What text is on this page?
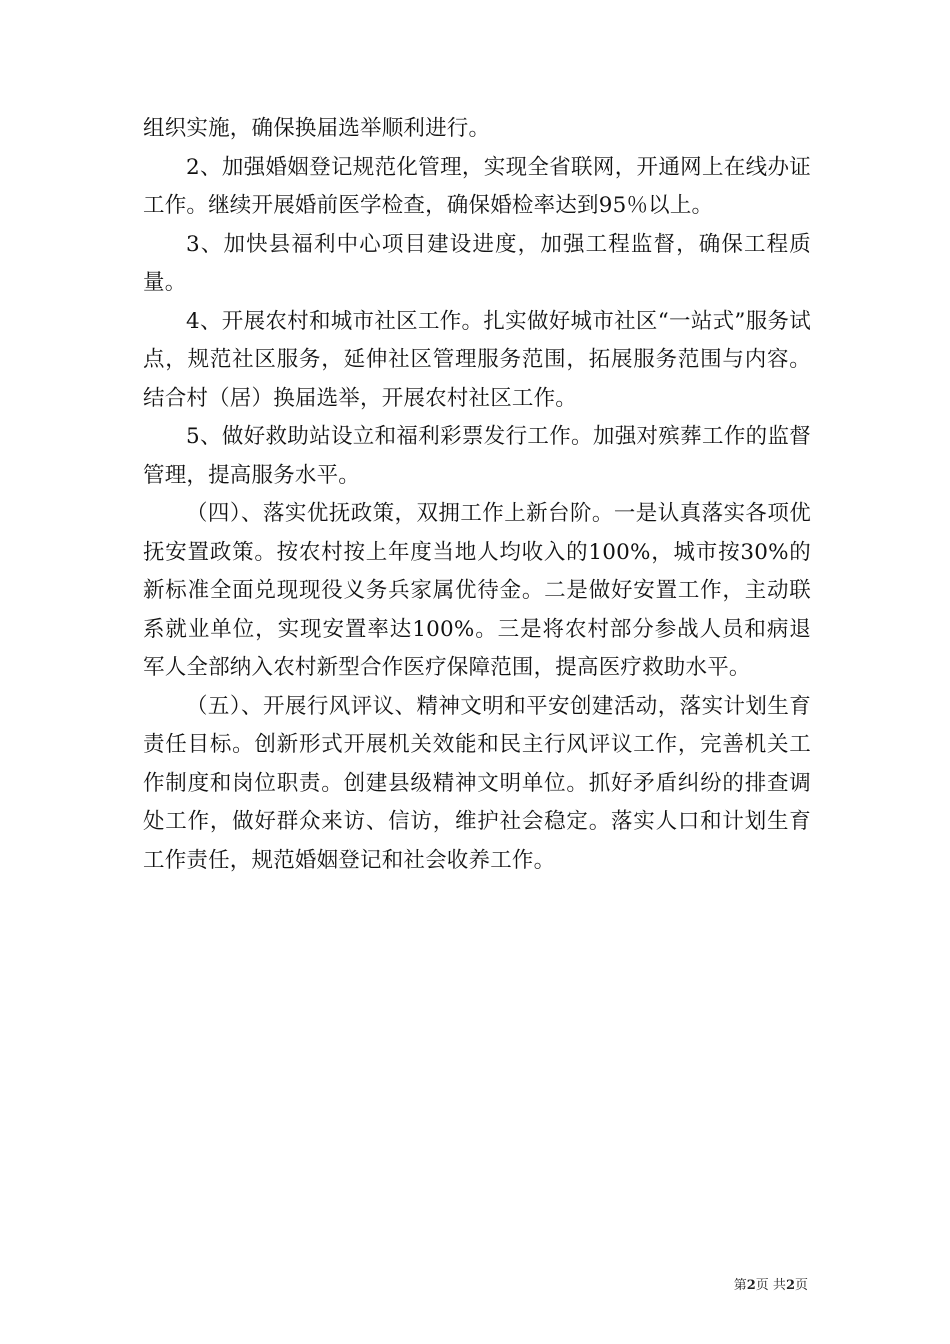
组织实施，确保换届选举顺利进行。

2、加强婚姻登记规范化管理，实现全省联网，开通网上在线办证工作。继续开展婚前医学检查，确保婚检率达到95％以上。

3、加快县福利中心项目建设进度，加强工程监督，确保工程质量。

4、开展农村和城市社区工作。扎实做好城市社区“一站式”服务试点，规范社区服务，延伸社区管理服务范围，拓展服务范围与内容。结合村（居）换届选举，开展农村社区工作。

5、做好救助站设立和福利彩票发行工作。加强对殡葬工作的监督管理，提高服务水平。

（四）、落实优抚政策，双拥工作上新台阶。一是认真落实各项优抚安置政策。按农村按上年度当地人均收入的100%，城市按30%的新标准全面兑现现役义务兵家属优待金。二是做好安置工作，主动联系就业单位，实现安置率达100%。三是将农村部分参战人员和病退军人全部纳入农村新型合作医疗保障范围，提高医疗救助水平。

（五）、开展行风评议、精神文明和平安创建活动，落实计划生育责任目标。创新形式开展机关效能和民主行风评议工作，完善机关工作制度和岗位职责。创建县级精神文明单位。抓好矛盾纠纷的排查调处工作，做好群众来访、信访，维护社会稳定。落实人口和计划生育工作责任，规范婚姻登记和社会收养工作。

第2页 共2页
